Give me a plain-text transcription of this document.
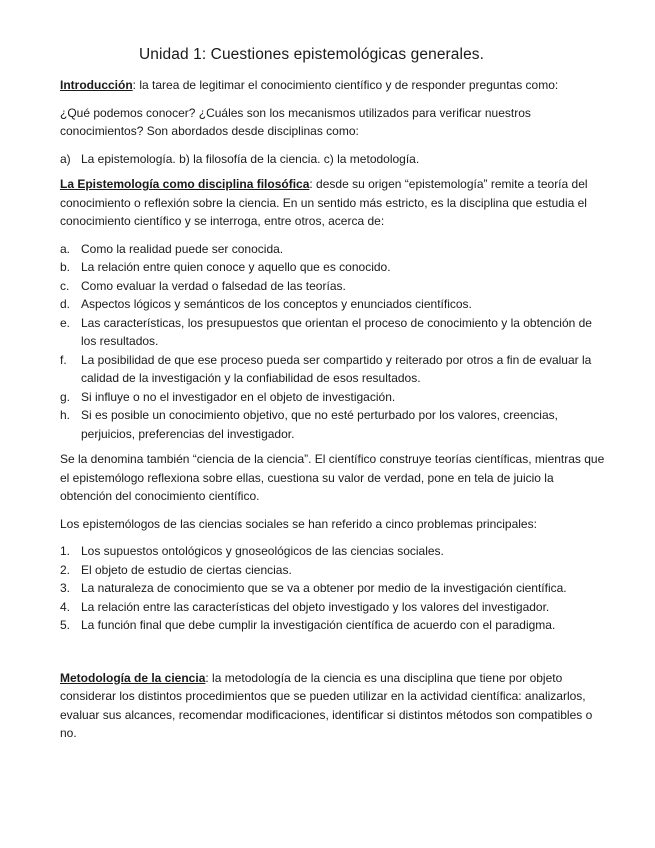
Unidad 1: Cuestiones epistemológicas generales.

Introducción: la tarea de legitimar el conocimiento científico y de responder preguntas como:

¿Qué podemos conocer? ¿Cuáles son los mecanismos utilizados para verificar nuestros conocimientos? Son abordados desde disciplinas como:

a) La epistemología. b) la filosofía de la ciencia. c) la metodología.

La Epistemología como disciplina filosófica: desde su origen “epistemología” remite a teoría del conocimiento o reflexión sobre la ciencia. En un sentido más estricto, es la disciplina que estudia el conocimiento científico y se interroga, entre otros, acerca de:

a. Como la realidad puede ser conocida.
b. La relación entre quien conoce y aquello que es conocido.
c. Como evaluar la verdad o falsedad de las teorías.
d. Aspectos lógicos y semánticos de los conceptos y enunciados científicos.
e. Las características, los presupuestos que orientan el proceso de conocimiento y la obtención de los resultados.
f. La posibilidad de que ese proceso pueda ser compartido y reiterado por otros a fin de evaluar la calidad de la investigación y la confiabilidad de esos resultados.
g. Si influye o no el investigador en el objeto de investigación.
h. Si es posible un conocimiento objetivo, que no esté perturbado por los valores, creencias, perjuicios, preferencias del investigador.

Se la denomina también “ciencia de la ciencia”. El científico construye teorías científicas, mientras que el epistemólogo reflexiona sobre ellas, cuestiona su valor de verdad, pone en tela de juicio la obtención del conocimiento científico.

Los epistemólogos de las ciencias sociales se han referido a cinco problemas principales:

1. Los supuestos ontológicos y gnoseológicos de las ciencias sociales.
2. El objeto de estudio de ciertas ciencias.
3. La naturaleza de conocimiento que se va a obtener por medio de la investigación científica.
4. La relación entre las características del objeto investigado y los valores del investigador.
5. La función final que debe cumplir la investigación científica de acuerdo con el paradigma.

Metodología de la ciencia: la metodología de la ciencia es una disciplina que tiene por objeto considerar los distintos procedimientos que se pueden utilizar en la actividad científica: analizarlos, evaluar sus alcances, recomendar modificaciones, identificar si distintos métodos son compatibles o no.
